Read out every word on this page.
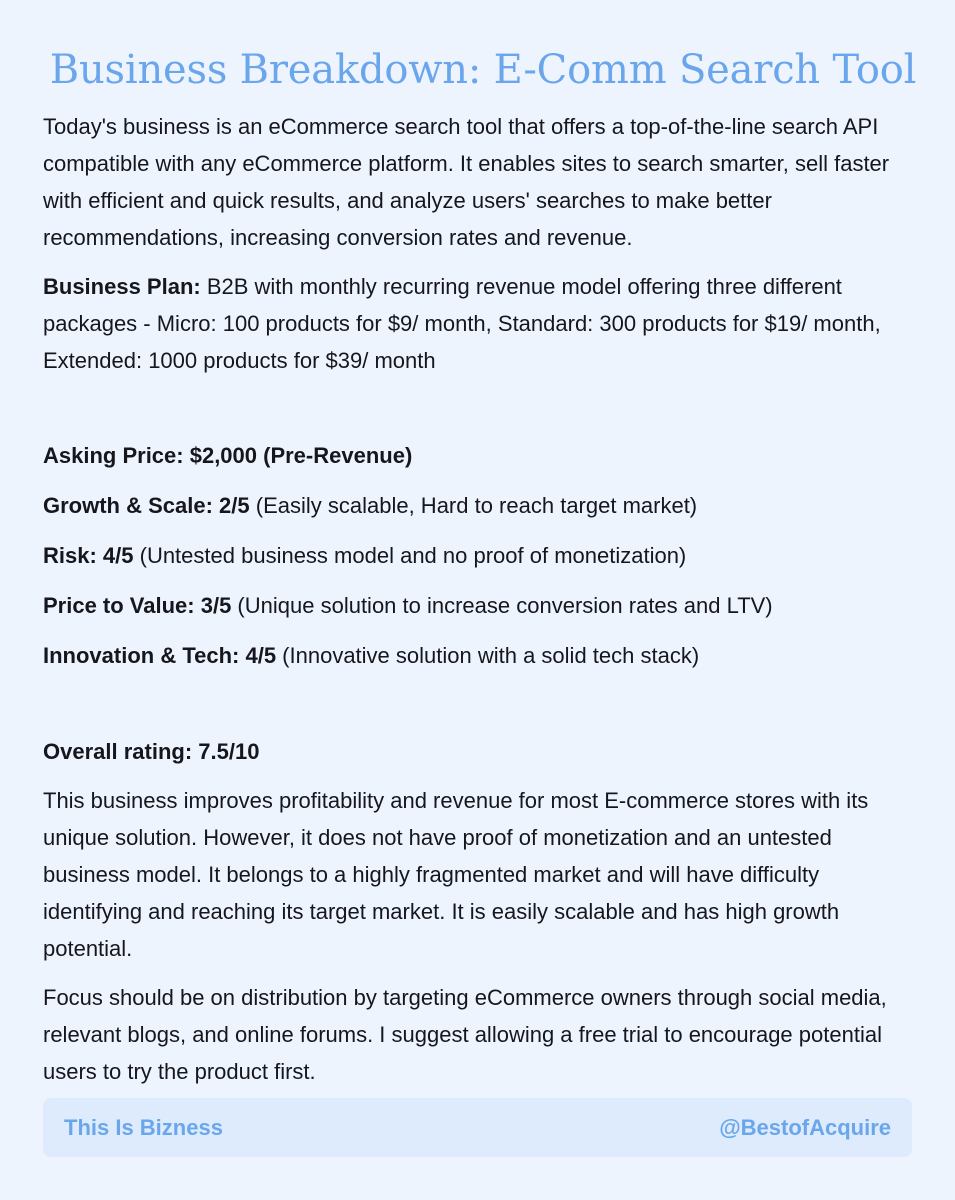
Business Breakdown: E-Comm Search Tool

Today's business is an eCommerce search tool that offers a top-of-the-line search API compatible with any eCommerce platform. It enables sites to search smarter, sell faster with efficient and quick results, and analyze users' searches to make better recommendations, increasing conversion rates and revenue.

Business Plan: B2B with monthly recurring revenue model offering three different packages - Micro: 100 products for $9/ month, Standard: 300 products for $19/ month, Extended: 1000 products for $39/ month

Asking Price: $2,000 (Pre-Revenue)

Growth & Scale: 2/5 (Easily scalable, Hard to reach target market)

Risk: 4/5 (Untested business model and no proof of monetization)

Price to Value: 3/5 (Unique solution to increase conversion rates and LTV)

Innovation & Tech: 4/5 (Innovative solution with a solid tech stack)

Overall rating: 7.5/10

This business improves profitability and revenue for most E-commerce stores with its unique solution. However, it does not have proof of monetization and an untested business model. It belongs to a highly fragmented market and will have difficulty identifying and reaching its target market. It is easily scalable and has high growth potential.

Focus should be on distribution by targeting eCommerce owners through social media, relevant blogs, and online forums. I suggest allowing a free trial to encourage potential users to try the product first.

This Is Bizness	@BestofAcquire
